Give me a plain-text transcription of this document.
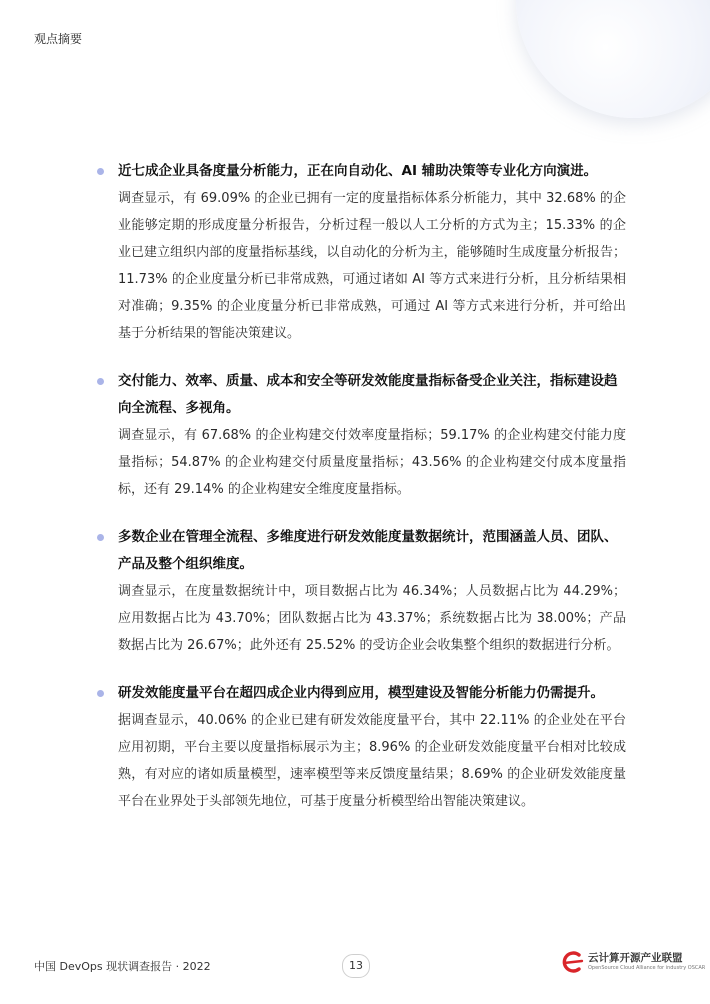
观点摘要
近七成企业具备度量分析能力，正在向自动化、AI 辅助决策等专业化方向演进。
调查显示，有 69.09% 的企业已拥有一定的度量指标体系分析能力，其中 32.68% 的企业能够定期的形成度量分析报告，分析过程一般以人工分析的方式为主；15.33% 的企业已建立组织内部的度量指标基线，以自动化的分析为主，能够随时生成度量分析报告；11.73% 的企业度量分析已非常成熟，可通过诸如 AI 等方式来进行分析，且分析结果相对准确；9.35% 的企业度量分析已非常成熟，可通过 AI 等方式来进行分析，并可给出基于分析结果的智能决策建议。
交付能力、效率、质量、成本和安全等研发效能度量指标备受企业关注，指标建设趋向全流程、多视角。
调查显示，有 67.68% 的企业构建交付效率度量指标；59.17% 的企业构建交付能力度量指标；54.87% 的企业构建交付质量度量指标；43.56% 的企业构建交付成本度量指标，还有 29.14% 的企业构建安全维度度量指标。
多数企业在管理全流程、多维度进行研发效能度量数据统计，范围涵盖人员、团队、产品及整个组织维度。
调查显示，在度量数据统计中，项目数据占比为 46.34%；人员数据占比为 44.29%；应用数据占比为 43.70%；团队数据占比为 43.37%；系统数据占比为 38.00%；产品数据占比为 26.67%；此外还有 25.52% 的受访企业会收集整个组织的数据进行分析。
研发效能度量平台在超四成企业内得到应用，模型建设及智能分析能力仍需提升。
据调查显示，40.06% 的企业已建有研发效能度量平台，其中 22.11% 的企业处在平台应用初期，平台主要以度量指标展示为主；8.96% 的企业研发效能度量平台相对比较成熟，有对应的诸如质量模型，速率模型等来反馈度量结果；8.69% 的企业研发效能度量平台在业界处于头部领先地位，可基于度量分析模型给出智能决策建议。
中国 DevOps 现状调查报告 · 2022	13
云计算开源产业联盟
OpenSource Cloud Alliance for industry OSCAR
